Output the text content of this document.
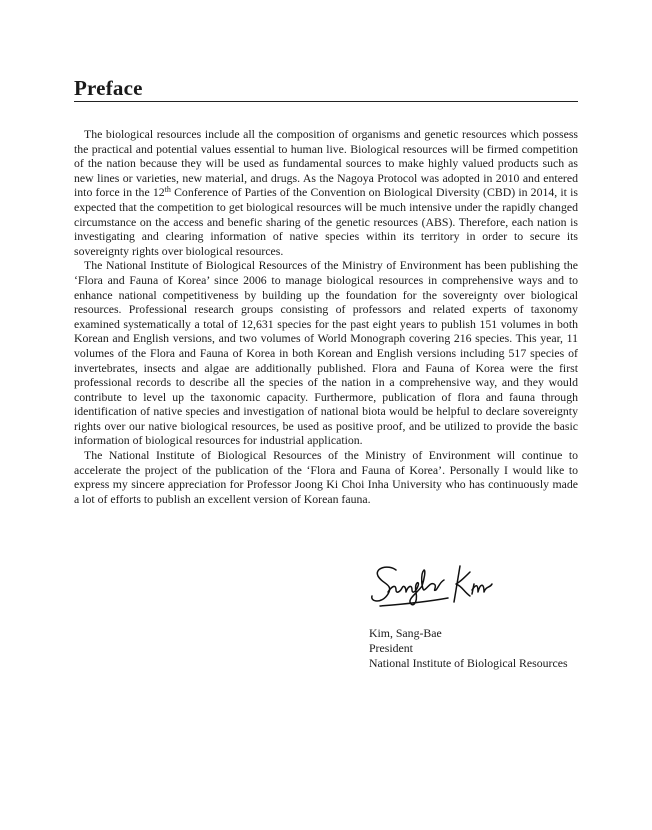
Preface

The biological resources include all the composition of organisms and genetic resources which possess the practical and potential values essential to human live. Biological resources will be firmed competition of the nation because they will be used as fundamental sources to make highly valued products such as new lines or varieties, new material, and drugs. As the Nagoya Protocol was adopted in 2010 and entered into force in the 12th Conference of Parties of the Convention on Biological Diversity (CBD) in 2014, it is expected that the competition to get biological resources will be much intensive under the rapidly changed circumstance on the access and benefic sharing of the genetic resources (ABS). Therefore, each nation is investigating and clearing information of native species within its territory in order to secure its sovereignty rights over biological resources.

The National Institute of Biological Resources of the Ministry of Environment has been publishing the ‘Flora and Fauna of Korea’ since 2006 to manage biological resources in comprehensive ways and to enhance national competitiveness by building up the foundation for the sovereignty over biological resources. Professional research groups consisting of professors and related experts of taxonomy examined systematically a total of 12,631 species for the past eight years to publish 151 volumes in both Korean and English versions, and two volumes of World Monograph covering 216 species. This year, 11 volumes of the Flora and Fauna of Korea in both Korean and English versions including 517 species of invertebrates, insects and algae are additionally published. Flora and Fauna of Korea were the first professional records to describe all the species of the nation in a comprehensive way, and they would contribute to level up the taxonomic capacity. Furthermore, publication of flora and fauna through identification of native species and investigation of national biota would be helpful to declare sovereignty rights over our native biological resources, be used as positive proof, and be utilized to provide the basic information of biological resources for industrial application.

The National Institute of Biological Resources of the Ministry of Environment will continue to accelerate the project of the publication of the ‘Flora and Fauna of Korea’. Personally I would like to express my sincere appreciation for Professor Joong Ki Choi Inha University who has continuously made a lot of efforts to publish an excellent version of Korean fauna.

Kim, Sang-Bae
President
National Institute of Biological Resources
